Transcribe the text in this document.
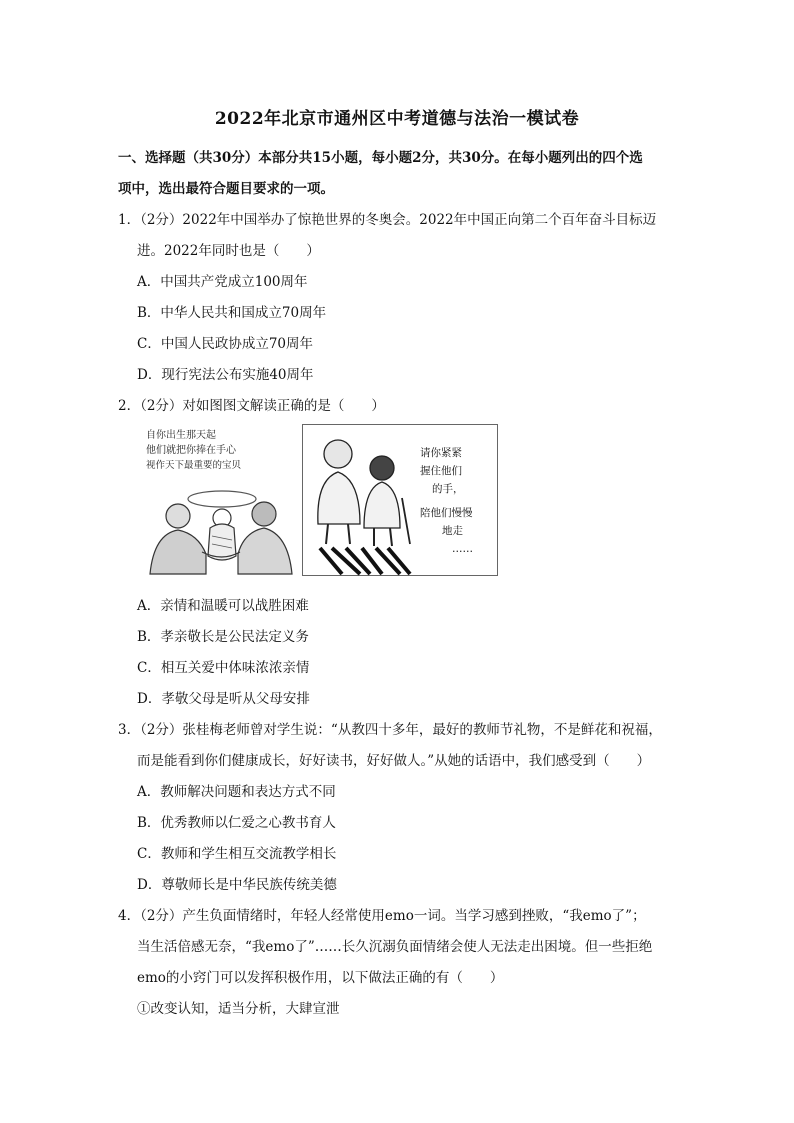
2022年北京市通州区中考道德与法治一模试卷
一、选择题（共30分）本部分共15小题，每小题2分，共30分。在每小题列出的四个选
项中，选出最符合题目要求的一项。
1．（2分）2022年中国举办了惊艳世界的冬奥会。2022年中国正向第二个百年奋斗目标迈
进。2022年同时也是（　　）
A．中国共产党成立100周年
B．中华人民共和国成立70周年
C．中国人民政协成立70周年
D．现行宪法公布实施40周年
2．（2分）对如图图文解读正确的是（　　）
自你出生那天起
他们就把你捧在手心
视作天下最重要的宝贝
请你紧紧
握住他们
的手，
陪他们慢慢
地走
……
A．亲情和温暖可以战胜困难
B．孝亲敬长是公民法定义务
C．相互关爱中体味浓浓亲情
D．孝敬父母是听从父母安排
3．（2分）张桂梅老师曾对学生说：“从教四十多年，最好的教师节礼物，不是鲜花和祝福，
而是能看到你们健康成长，好好读书，好好做人。”从她的话语中，我们感受到（　　）
A．教师解决问题和表达方式不同
B．优秀教师以仁爱之心教书育人
C．教师和学生相互交流教学相长
D．尊敬师长是中华民族传统美德
4．（2分）产生负面情绪时，年轻人经常使用emo一词。当学习感到挫败，“我emo了”；
当生活倍感无奈，“我emo了”……长久沉溺负面情绪会使人无法走出困境。但一些拒绝
emo的小窍门可以发挥积极作用，以下做法正确的有（　　）
①改变认知，适当分析，大肆宣泄
